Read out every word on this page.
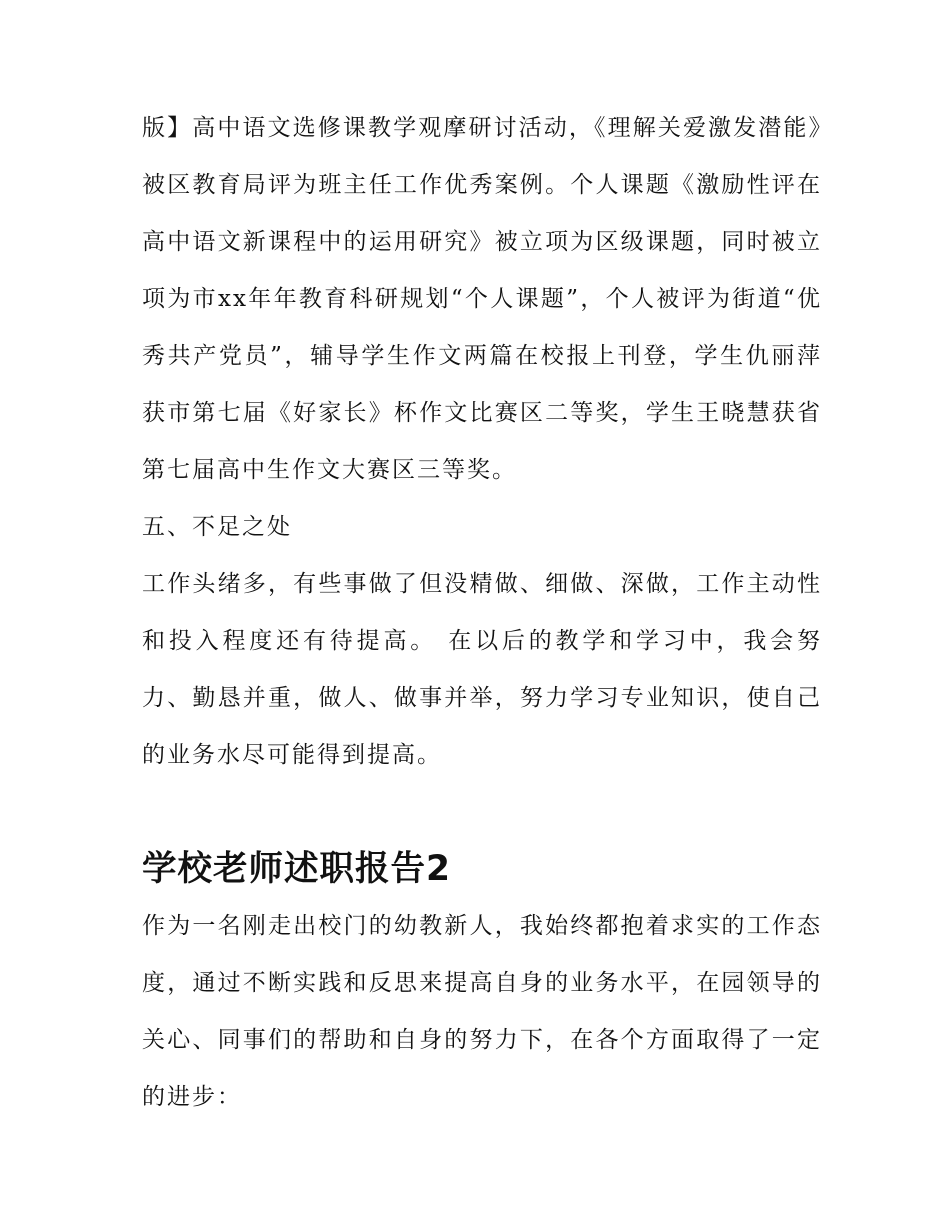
版】高中语文选修课教学观摩研讨活动，《理解关爱激发潜能》被区教育局评为班主任工作优秀案例。个人课题《激励性评在高中语文新课程中的运用研究》被立项为区级课题，同时被立项为市xx年年教育科研规划“个人课题”，个人被评为街道“优秀共产党员”，辅导学生作文两篇在校报上刊登，学生仇丽萍获市第七届《好家长》杯作文比赛区二等奖，学生王晓慧获省第七届高中生作文大赛区三等奖。

五、不足之处

工作头绪多，有些事做了但没精做、细做、深做，工作主动性和投入程度还有待提高。 在以后的教学和学习中，我会努力、勤恳并重，做人、做事并举，努力学习专业知识，使自己的业务水尽可能得到提高。

学校老师述职报告2

作为一名刚走出校门的幼教新人，我始终都抱着求实的工作态度，通过不断实践和反思来提高自身的业务水平，在园领导的关心、同事们的帮助和自身的努力下，在各个方面取得了一定的进步：
